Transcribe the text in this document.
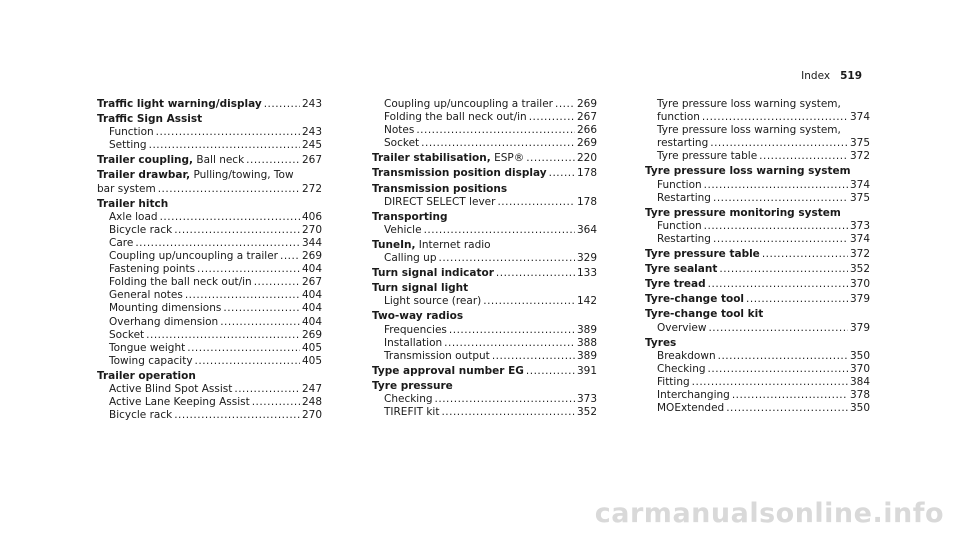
Index 519
Traffic light warning/display .....	243
Traffic Sign Assist
Function .....	243
Setting .....	245
Trailer coupling, Ball neck .....	267
Trailer drawbar, Pulling/towing, Tow
bar system .....	272
Trailer hitch
Axle load .....	406
Bicycle rack .....	270
Care .....	344
Coupling up/uncoupling a trailer ..... 269
Fastening points .....	404
Folding the ball neck out/in .....	267
General notes .....	404
Mounting dimensions .....	404
Overhang dimension .....	404
Socket .....	269
Tongue weight .....	405
Towing capacity .....	405
Trailer operation
Active Blind Spot Assist .....	247
Active Lane Keeping Assist .....	248
Bicycle rack .....	270
Coupling up/uncoupling a trailer ..... 269
Folding the ball neck out/in .....	267
Notes .....	266
Socket .....	269
Trailer stabilisation, ESP® .....	220
Transmission position display .....	178
Transmission positions
DIRECT SELECT lever .....	178
Transporting
Vehicle .....	364
TuneIn, Internet radio
Calling up .....	329
Turn signal indicator .....	133
Turn signal light
Light source (rear) .....	142
Two-way radios
Frequencies .....	389
Installation .....	388
Transmission output .....	389
Type approval number EG .....	391
Tyre pressure
Checking .....	373
TIREFIT kit .....	352
Tyre pressure loss warning system,
function .....	374
Tyre pressure loss warning system,
restarting .....	375
Tyre pressure table .....	372
Tyre pressure loss warning system
Function .....	374
Restarting .....	375
Tyre pressure monitoring system
Function .....	373
Restarting .....	374
Tyre pressure table .....	372
Tyre sealant .....	352
Tyre tread .....	370
Tyre-change tool .....	379
Tyre-change tool kit
Overview .....	379
Tyres
Breakdown .....	350
Checking .....	370
Fitting .....	384
Interchanging .....	378
MOExtended .....	350
carmanualsonline.info
